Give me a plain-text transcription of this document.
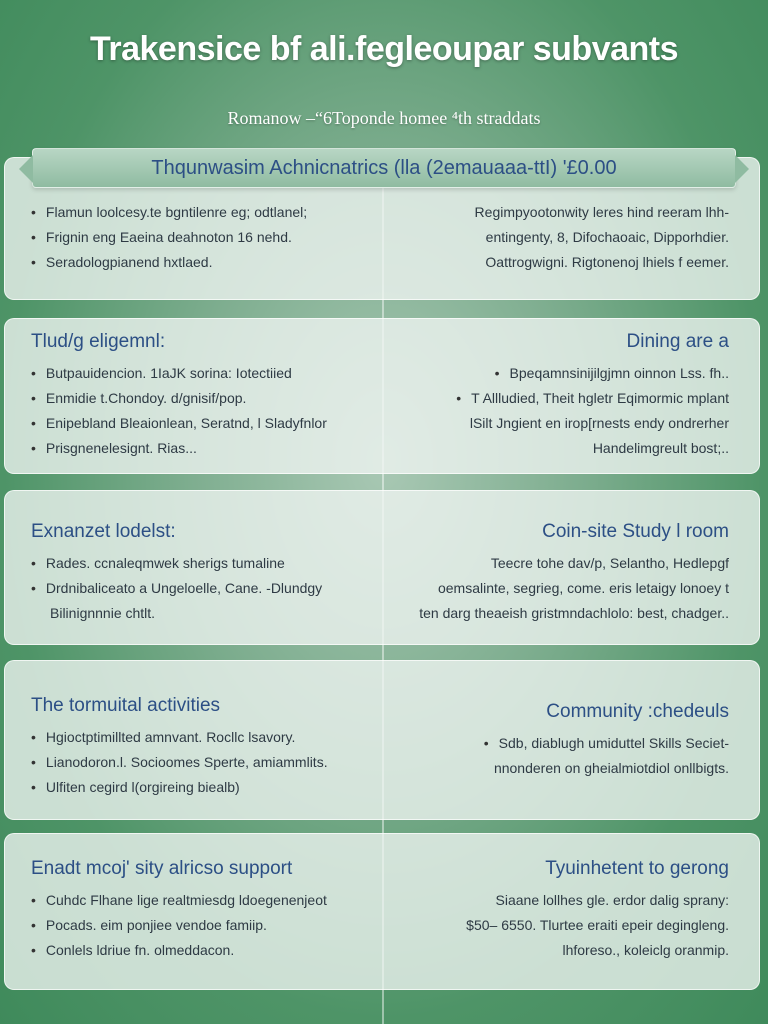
Trakensice bf ali.fegleoupar subvants
Romanow –“6Toponde homee ⁴th straddats
• Flamun loolcesy.te bgntilenre eg; odtlanel;
• Frignin eng Eaeina deahnoton 16 nehd.
• Seradologpianend hxtlaed.
Regimpyootonwity leres hind reeram lhh-
entingenty, 8, Difochaoaic, Dipporhdier.
Oattrogwigni. Rigtonenoj lhiels f eemer.
Thqunwasim Achnicnatrics (lla (2emauaaa-ttI) '£0.00
Tlud/g eligemnl:
• Butpauidencion. 1IaJK sorina: Iotectiied
• Enmidie t.Chondoy. d/gnisif/pop.
• Enipebland Bleaionlean, Seratnd, l Sladyfnlor
• Prisgnenelesignt. Rias...
Dining are a
• Bpeqamnsinijilgjmn oinnon Lss. fh..
• T Allludied, Theit hgletr Eqimormic mplant
lSilt Jngient en irop[rnests endy ondrerher
Handelimgreult bost;..
Exnanzet lodelst:
• Rades. ccnaleqmwek sherigs tumaline
• Drdnibaliceato a Ungeloelle, Cane. -Dlundgy
Bilinignnnie chtlt.
Coin-site Study l room
Teecre tohe dav/p, Selantho, Hedlepgf
oemsalinte, segrieg, come. eris letaigy lonoey t
ten darg theaeish gristmndachlolo: best, chadger..
The tormuital activities
• Hgioctptimillted amnvant. Rocllc lsavory.
• Lianodoron.l. Socioomes Sperte, amiammlits.
• Ulfiten cegird l(orgireing biealb)
Community :chedeuls
• Sdb, diablugh umiduttel Skills Seciet-
nnonderen on gheialmiotdiol onllbigts.
Enadt mcoj' sity alricso support
• Cuhdc Flhane lige realtmiesdg ldoegenenjeot
• Pocads. eim ponjiee vendoe famiip.
• Conlels ldriue fn. olmeddacon.
Tyuinhetent to gerong
Siaane lollhes gle. erdor dalig sprany:
$50– 6550. Tlurtee eraiti epeir degingleng.
lhforeso., koleiclg oranmip.
